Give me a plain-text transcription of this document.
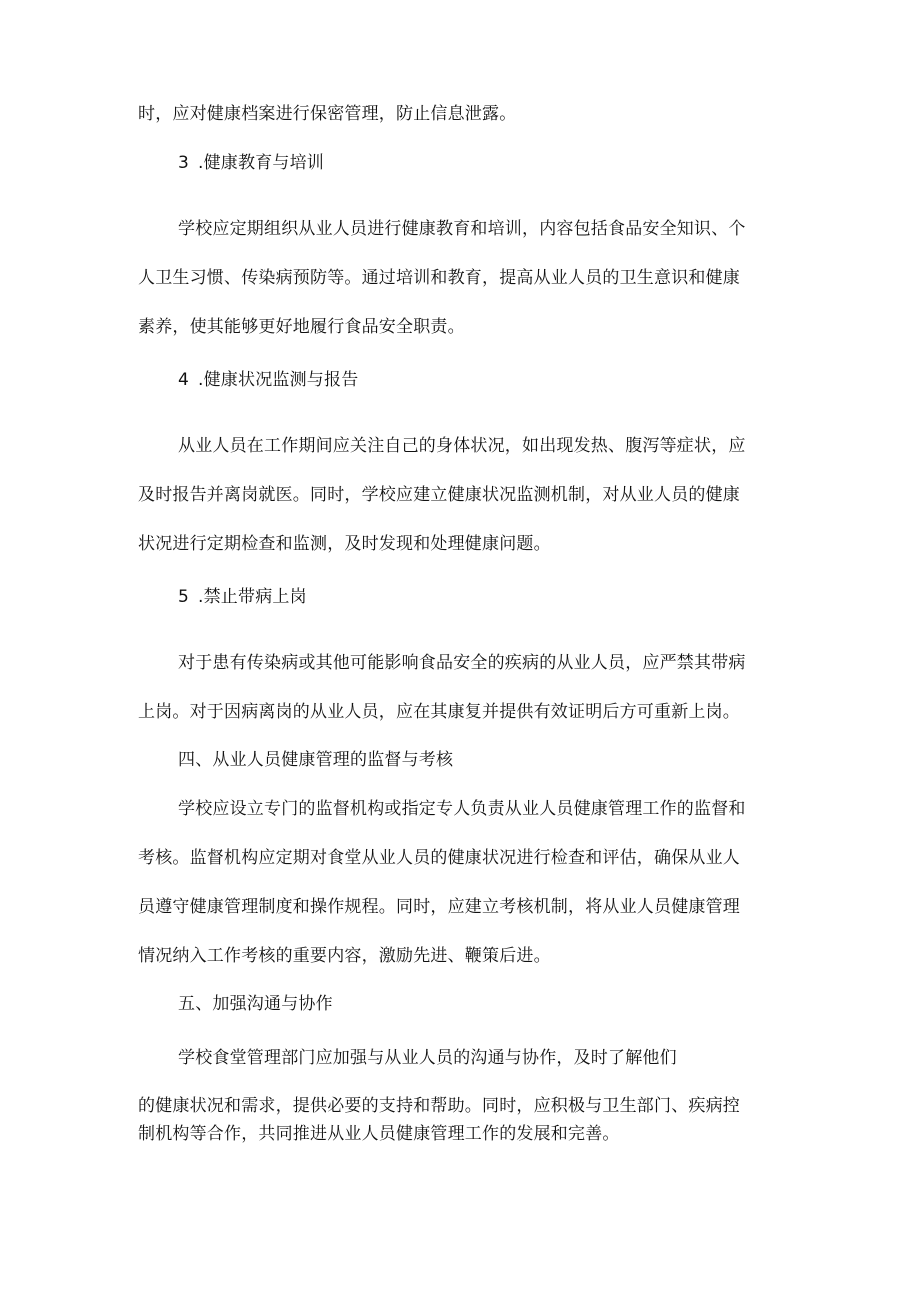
时，应对健康档案进行保密管理，防止信息泄露。
3 .健康教育与培训
学校应定期组织从业人员进行健康教育和培训，内容包括食品安全知识、个
人卫生习惯、传染病预防等。通过培训和教育，提高从业人员的卫生意识和健康
素养，使其能够更好地履行食品安全职责。
4 .健康状况监测与报告
从业人员在工作期间应关注自己的身体状况，如出现发热、腹泻等症状，应
及时报告并离岗就医。同时，学校应建立健康状况监测机制，对从业人员的健康
状况进行定期检查和监测，及时发现和处理健康问题。
5 .禁止带病上岗
对于患有传染病或其他可能影响食品安全的疾病的从业人员，应严禁其带病
上岗。对于因病离岗的从业人员，应在其康复并提供有效证明后方可重新上岗。
四、从业人员健康管理的监督与考核
学校应设立专门的监督机构或指定专人负责从业人员健康管理工作的监督和
考核。监督机构应定期对食堂从业人员的健康状况进行检查和评估，确保从业人
员遵守健康管理制度和操作规程。同时，应建立考核机制，将从业人员健康管理
情况纳入工作考核的重要内容，激励先进、鞭策后进。
五、加强沟通与协作
学校食堂管理部门应加强与从业人员的沟通与协作，及时了解他们
的健康状况和需求，提供必要的支持和帮助。同时，应积极与卫生部门、疾病控
制机构等合作，共同推进从业人员健康管理工作的发展和完善。
